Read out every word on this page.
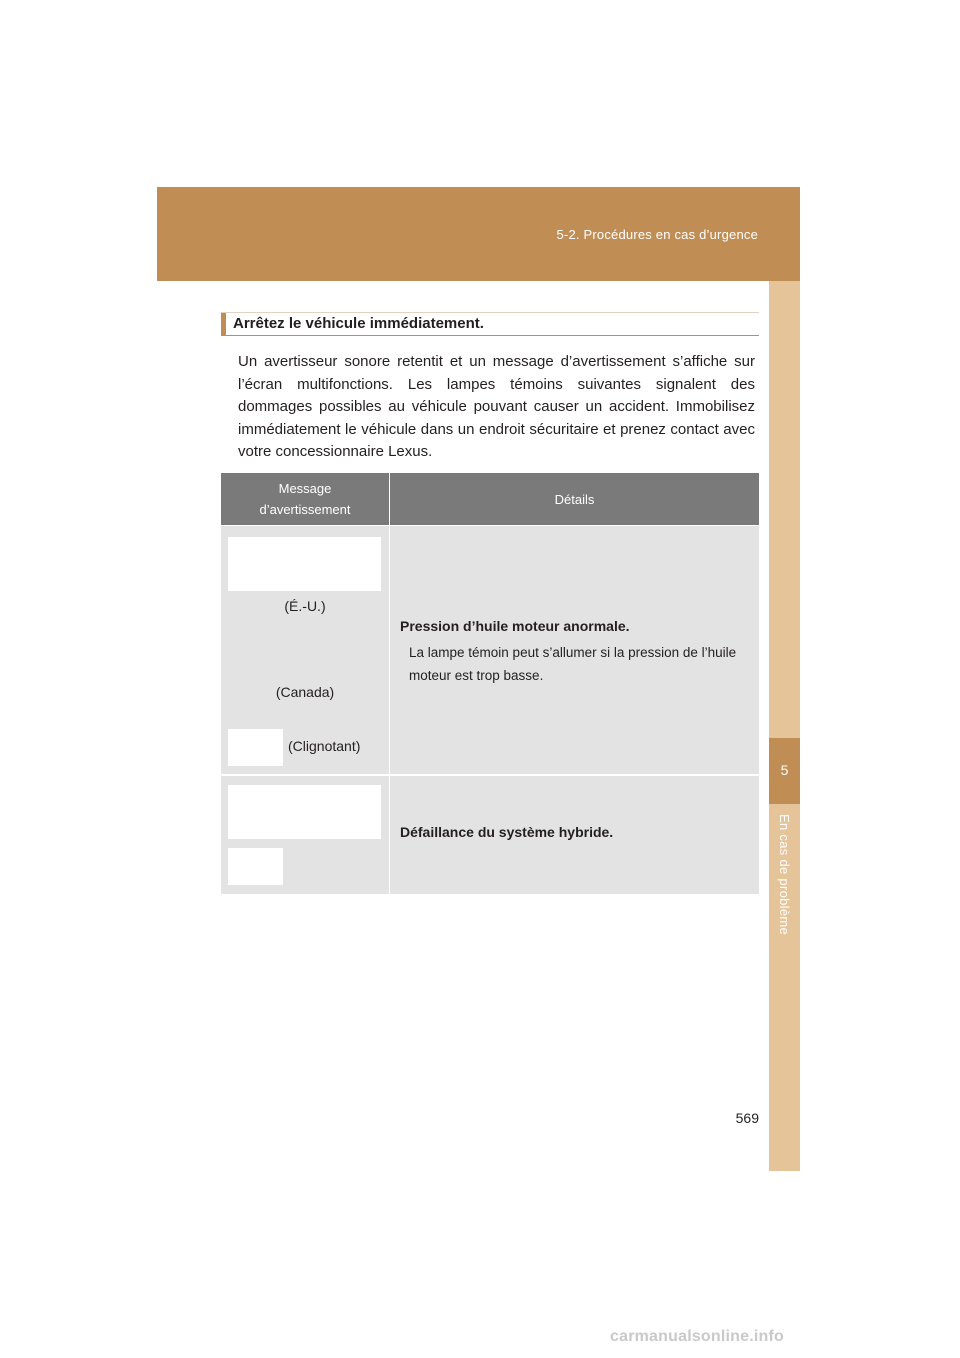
5-2. Procédures en cas d’urgence
5
En cas de problème
Arrêtez le véhicule immédiatement.

Un avertisseur sonore retentit et un message d’avertissement s’affiche sur l’écran multifonctions. Les lampes témoins suivantes signalent des dommages possibles au véhicule pouvant causer un accident. Immobilisez immédiatement le véhicule dans un endroit sécuritaire et prenez contact avec votre concessionnaire Lexus.

Message d’avertissement
Détails
(É.-U.)
(Canada)
(Clignotant)
Pression d’huile moteur anormale.
La lampe témoin peut s’allumer si la pression de l’huile moteur est trop basse.
Défaillance du système hybride.
569
carmanualsonline.info
